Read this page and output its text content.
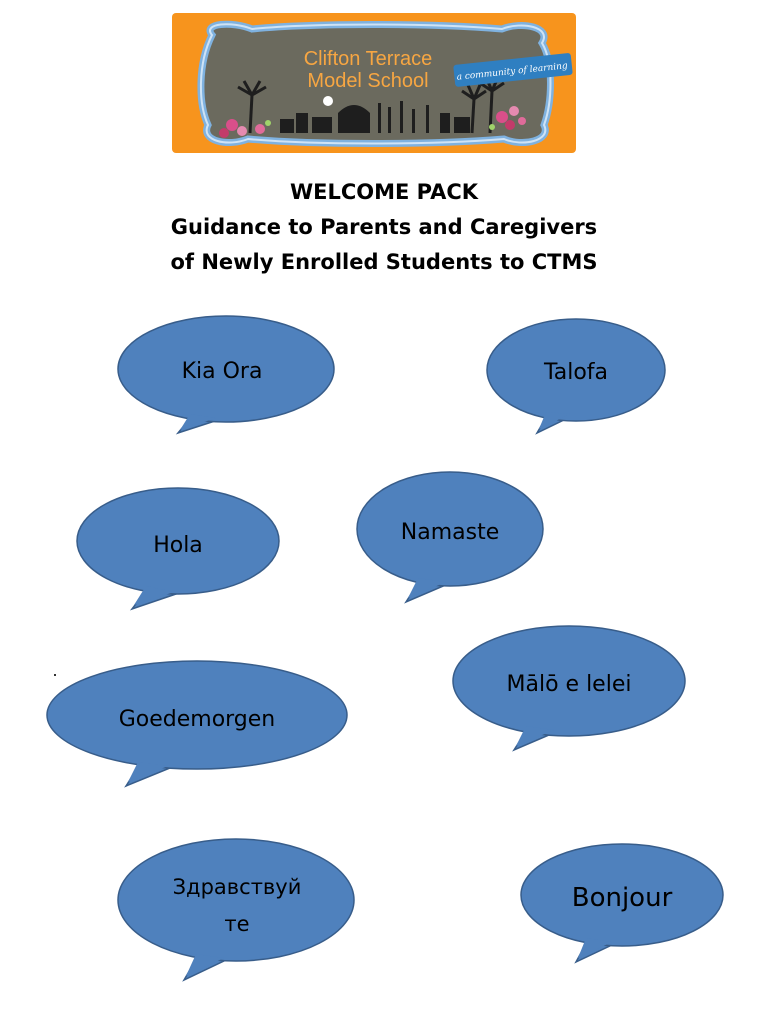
Clifton Terrace
Model School	a community of learning
WELCOME PACK
Guidance to Parents and Caregivers
of Newly Enrolled Students to CTMS
Kia Ora	Talofa
Hola
Namaste
Mālō e lelei
Goedemorgen
Здравствуй
те
Bonjour
